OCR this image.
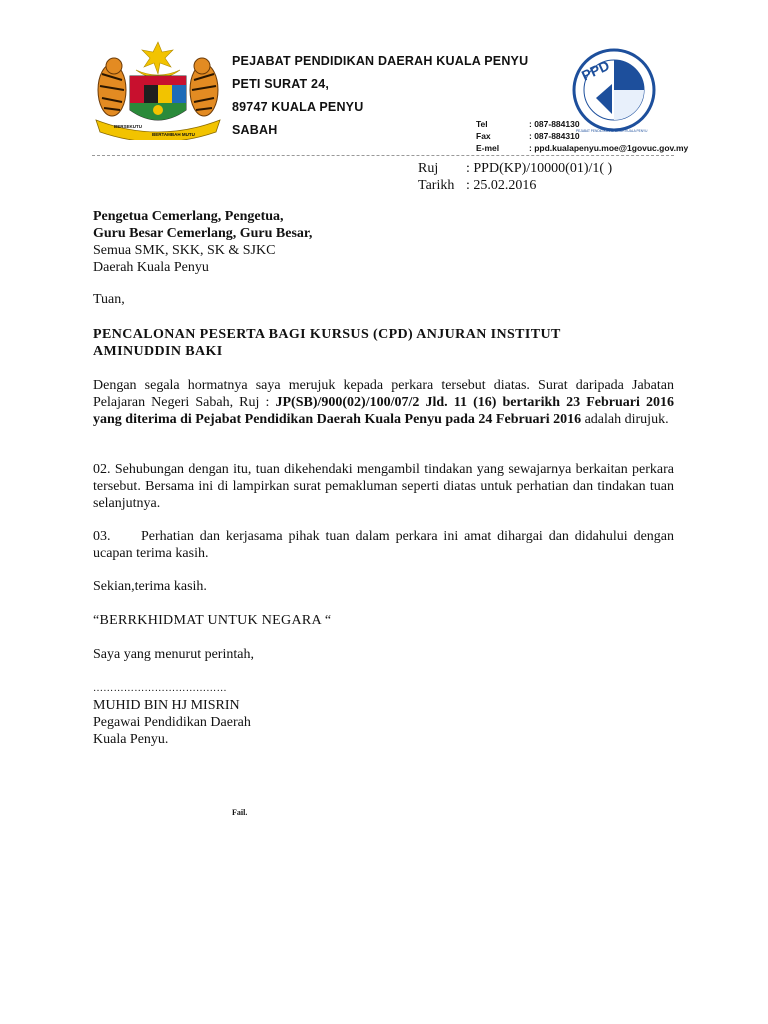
BERSEKUTU
BERTAMBAH MUTU
PEJABAT PENDIDIKAN DAERAH KUALA PENYU
PETI SURAT 24,
89747 KUALA PENYU
SABAH
PPD
PEJABAT PENDIDIKAN DAERAH KUALA PENYU
Tel	: 087-884130
Fax	: 087-884310
E-mel	: ppd.kualapenyu.moe@1govuc.gov.my
Ruj : PPD(KP)/10000(01)/1( )
Tarikh : 25.02.2016
Pengetua Cemerlang, Pengetua,
Guru Besar Cemerlang, Guru Besar,
Semua SMK, SKK, SK & SJKC
Daerah Kuala Penyu
Tuan,
PENCALONAN PESERTA BAGI KURSUS (CPD) ANJURAN INSTITUT
AMINUDDIN BAKI
Dengan segala hormatnya saya merujuk kepada perkara tersebut diatas. Surat daripada Jabatan Pelajaran Negeri Sabah, Ruj : JP(SB)/900(02)/100/07/2 Jld. 11 (16) bertarikh 23 Februari 2016 yang diterima di Pejabat Pendidikan Daerah Kuala Penyu pada 24 Februari 2016 adalah dirujuk.
02. Sehubungan dengan itu, tuan dikehendaki mengambil tindakan yang sewajarnya berkaitan perkara tersebut. Bersama ini di lampirkan surat pemakluman seperti diatas untuk perhatian dan tindakan tuan selanjutnya.
03. Perhatian dan kerjasama pihak tuan dalam perkara ini amat dihargai dan didahului dengan ucapan terima kasih.
Sekian,terima kasih.
“BERRKHIDMAT UNTUK NEGARA “
Saya yang menurut perintah,
…………………………………
MUHID BIN HJ MISRIN
Pegawai Pendidikan Daerah
Kuala Penyu.
Fail.
